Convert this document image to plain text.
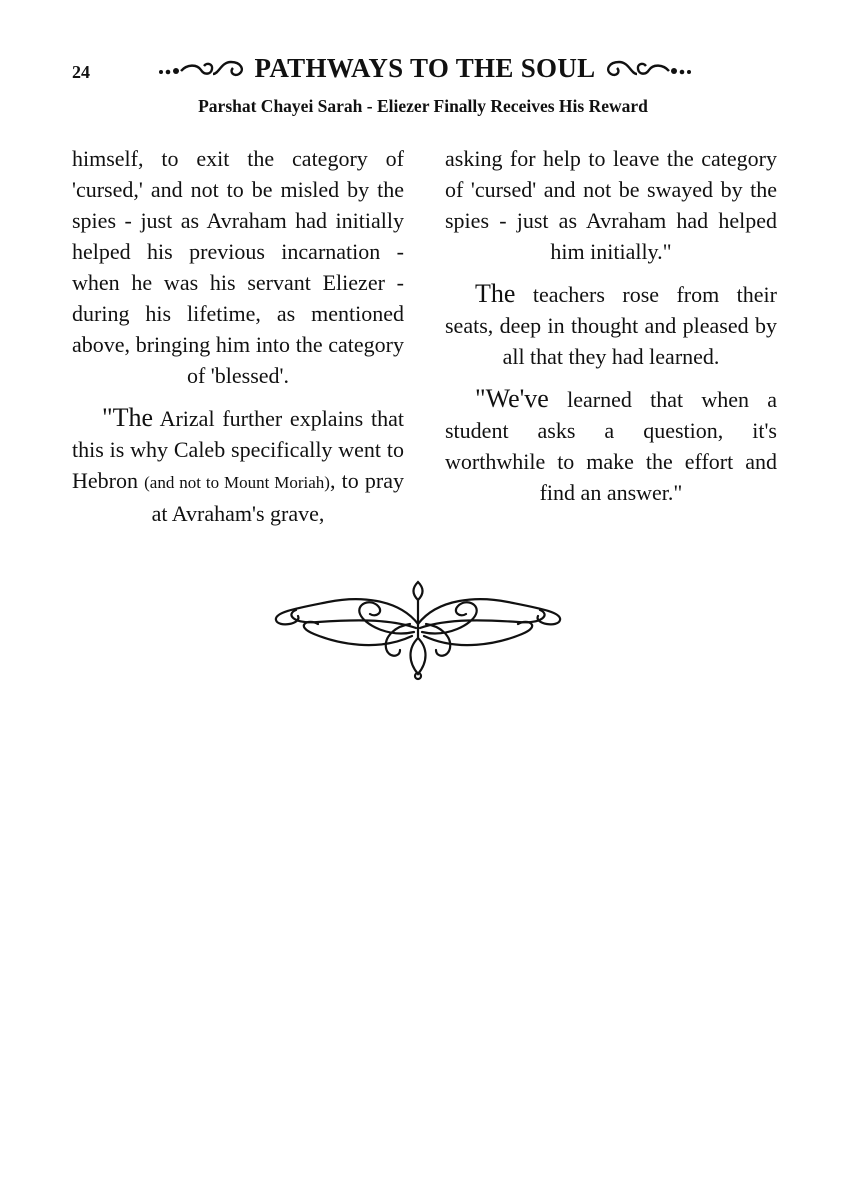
24	PATHWAYS TO THE SOUL
Parshat Chayei Sarah - Eliezer Finally Receives His Reward

himself, to exit the category of 'cursed,' and not to be misled by the spies - just as Avraham had initially helped his previous incarnation - when he was his servant Eliezer - during his lifetime, as mentioned above, bringing him into the category of 'blessed'.

"The Arizal further explains that this is why Caleb specifically went to Hebron (and not to Mount Moriah), to pray at Avraham's grave,

asking for help to leave the category of 'cursed' and not be swayed by the spies - just as Avraham had helped him initially."

The teachers rose from their seats, deep in thought and pleased by all that they had learned.

"We've learned that when a student asks a question, it's worthwhile to make the effort and find an answer."
